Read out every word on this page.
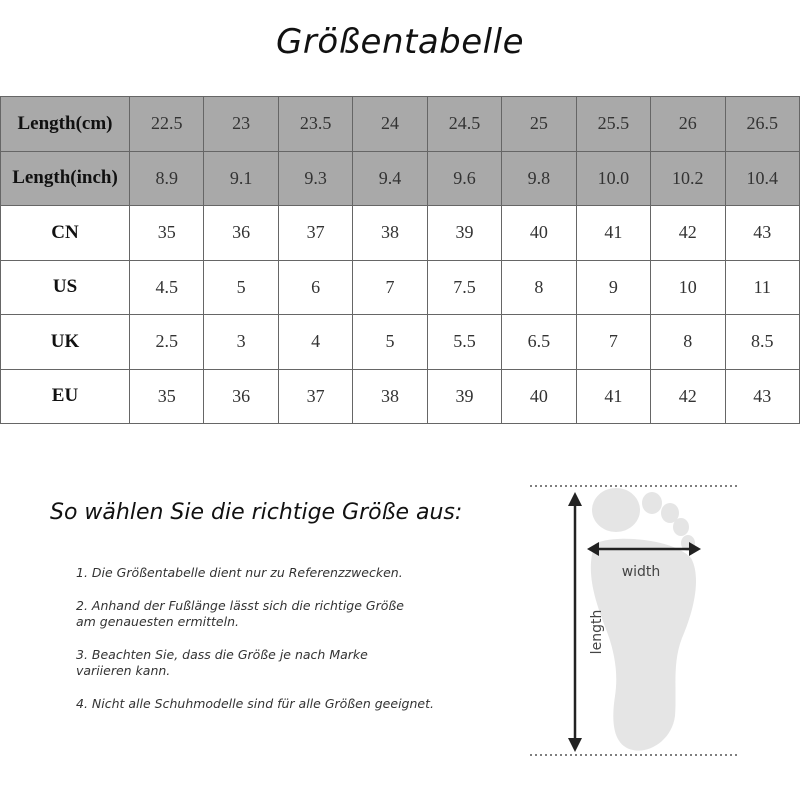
Größentabelle
Length(cm)	22.5	23	23.5	24	24.5	25	25.5	26	26.5
Length(inch)	8.9	9.1	9.3	9.4	9.6	9.8	10.0	10.2	10.4
CN	35	36	37	38	39	40	41	42	43
US	4.5	5	6	7	7.5	8	9	10	11
UK	2.5	3	4	5	5.5	6.5	7	8	8.5
EU	35	36	37	38	39	40	41	42	43
So wählen Sie die richtige Größe aus:
1. Die Größentabelle dient nur zu Referenzzwecken.
2. Anhand der Fußlänge lässt sich die richtige Größe
am genauesten ermitteln.
3. Beachten Sie, dass die Größe je nach Marke
variieren kann.
4. Nicht alle Schuhmodelle sind für alle Größen geeignet.
width
length
